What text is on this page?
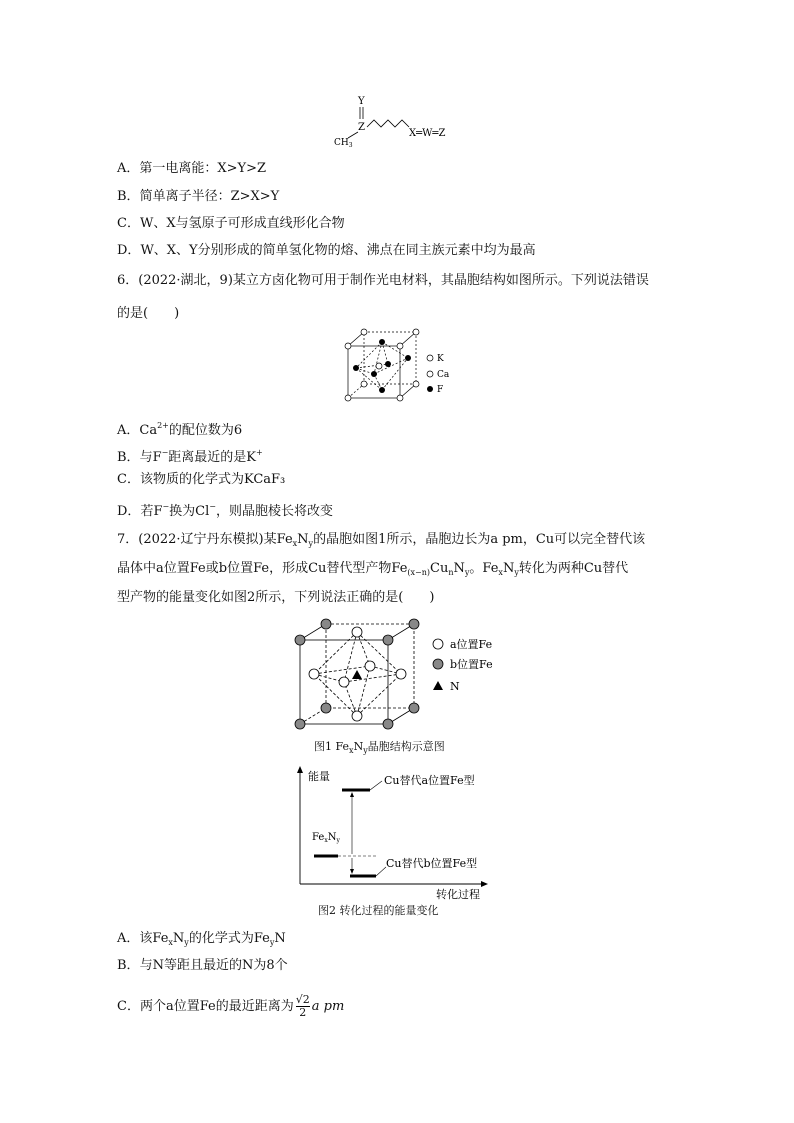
Y
Z
$CH_3$
X═W═Z
A．第一电离能：X>Y>Z
B．简单离子半径：Z>X>Y
C．W、X与氢原子可形成直线形化合物
D．W、X、Y分别形成的简单氢化物的熔、沸点在同主族元素中均为最高
6．(2022·湖北，9)某立方卤化物可用于制作光电材料，其晶胞结构如图所示。下列说法错误
的是(　　)
K
Ca
F
A．$Ca^{2+}$的配位数为6
B．与F−距离最近的是K+
C．该物质的化学式为KCaF₃
D．若F−换为Cl−，则晶胞棱长将改变
7．(2022·辽宁丹东模拟)某$Fe_xN_y$的晶胞如图1所示，晶胞边长为a pm，Cu可以完全替代该
晶体中a位置Fe或b位置Fe，形成Cu替代型产物$Fe_{(x-n)}Cu_nN_y$。$Fe_xN_y$转化为两种Cu替代
型产物的能量变化如图2所示，下列说法正确的是(　　)
a位置Fe
b位置Fe
N
图1 $Fe_xN_y$晶胞结构示意图
能量
转化过程
Cu替代a位置Fe型
$Fe_xN_y$
Cu替代b位置Fe型
图2 转化过程的能量变化
A．该$Fe_xN_y$的化学式为$Fe_yN$
B．与N等距且最近的N为8个
C．两个a位置Fe的最近距离为 $\frac{√2}{2}$ a pm
